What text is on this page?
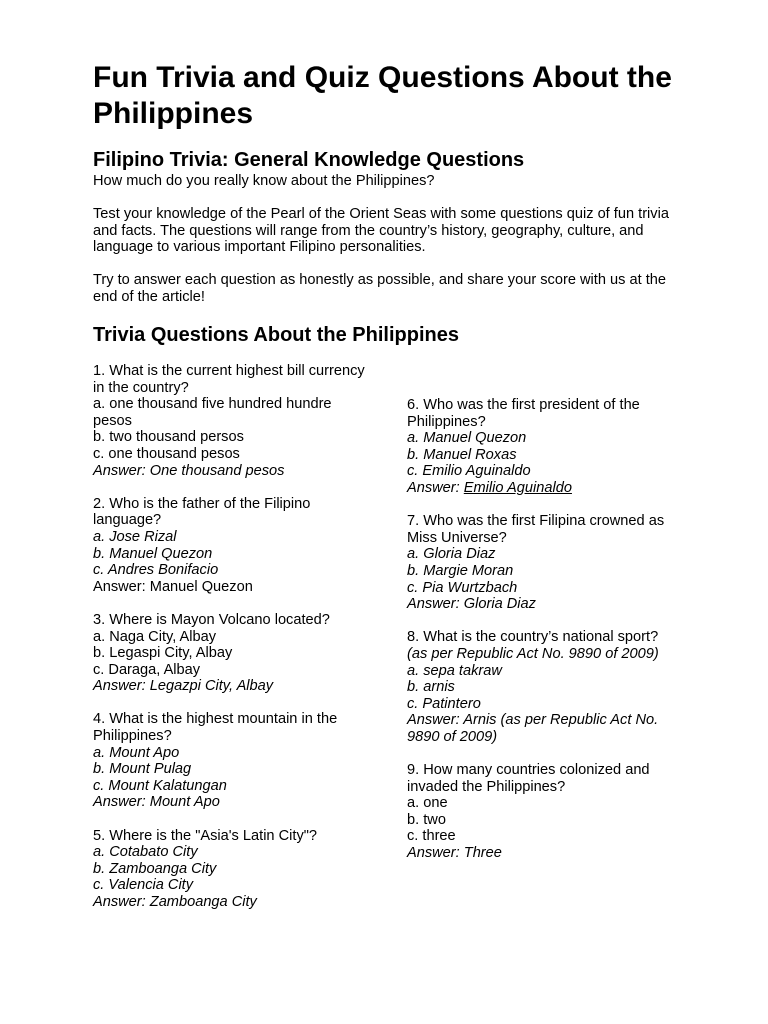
Fun Trivia and Quiz Questions About the Philippines
Filipino Trivia: General Knowledge Questions

How much do you really know about the Philippines?

Test your knowledge of the Pearl of the Orient Seas with some questions quiz of fun trivia and facts. The questions will range from the country’s history, geography, culture, and language to various important Filipino personalities.

Try to answer each question as honestly as possible, and share your score with us at the end of the article!

Trivia Questions About the Philippines
1. What is the current highest bill currency in the country?
a. one thousand five hundred hundre pesos
b. two thousand persos
c. one thousand pesos
Answer: One thousand pesos
2. Who is the father of the Filipino language?
a. Jose Rizal
b. Manuel Quezon
c. Andres Bonifacio
Answer: Manuel Quezon
3. Where is Mayon Volcano located?
a. Naga City, Albay
b. Legaspi City, Albay
c. Daraga, Albay
Answer: Legazpi City, Albay
4. What is the highest mountain in the Philippines?
a. Mount Apo
b. Mount Pulag
c. Mount Kalatungan
Answer: Mount Apo
5. Where is the "Asia's Latin City"?
a. Cotabato City
b. Zamboanga City
c. Valencia City
Answer: Zamboanga City
6. Who was the first president of the Philippines?
a. Manuel Quezon
b. Manuel Roxas
c. Emilio Aguinaldo
Answer: Emilio Aguinaldo
7. Who was the first Filipina crowned as Miss Universe?
a. Gloria Diaz
b. Margie Moran
c. Pia Wurtzbach
Answer: Gloria Diaz
8. What is the country’s national sport?
(as per Republic Act No. 9890 of 2009)
a. sepa takraw
b. arnis
c. Patintero
Answer: Arnis (as per Republic Act No. 9890 of 2009)
9. How many countries colonized and invaded the Philippines?
a. one
b. two
c. three
Answer: Three
